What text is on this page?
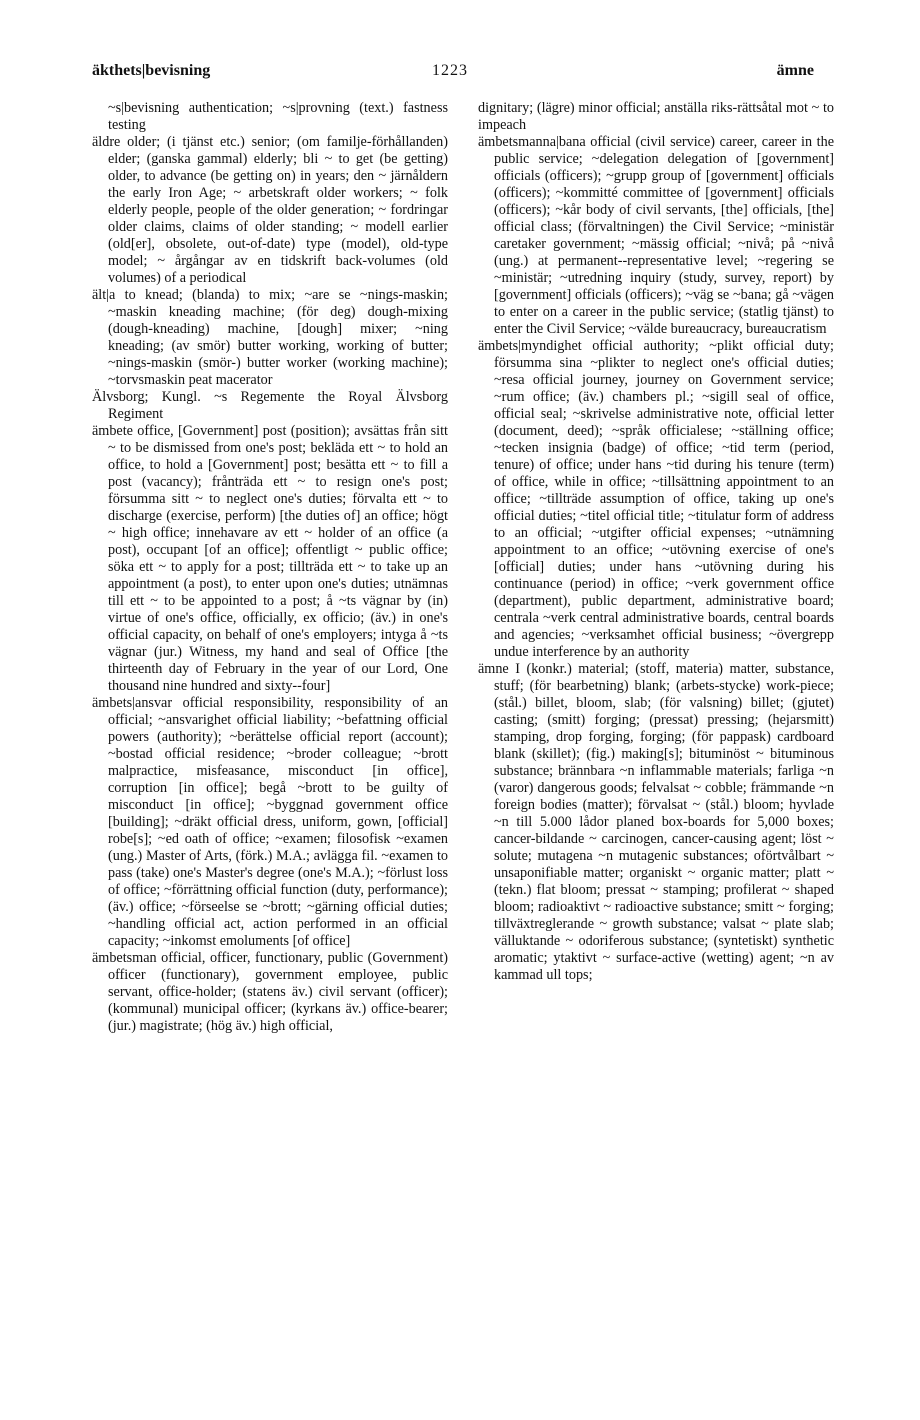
äkthets|bevisning	1223	ämne
~s|bevisning authentication; ~s|provning (text.) fastness testing
äldre older; (i tjänst etc.) senior; (om familje-förhållanden) elder; (ganska gammal) elderly; bli ~ to get (be getting) older, to advance (be getting on) in years; den ~ järnåldern the early Iron Age; ~ arbetskraft older workers; ~ folk elderly people, people of the older generation; ~ fordringar older claims, claims of older standing; ~ modell earlier (old[er], obsolete, out-of-date) type (model), old-type model; ~ årgångar av en tidskrift back-volumes (old volumes) of a periodical
ält|a to knead; (blanda) to mix; ~are se ~nings-maskin; ~maskin kneading machine; (för deg) dough-mixing (dough-kneading) machine, [dough] mixer; ~ning kneading; (av smör) butter working, working of butter; ~nings-maskin (smör-) butter worker (working machine); ~torvsmaskin peat macerator
Älvsborg; Kungl. ~s Regemente the Royal Älvsborg Regiment
ämbete office, [Government] post (position); avsättas från sitt ~ to be dismissed from one's post; bekläda ett ~ to hold an office, to hold a [Government] post; besätta ett ~ to fill a post (vacancy); frånträda ett ~ to resign one's post; försumma sitt ~ to neglect one's duties; förvalta ett ~ to discharge (exercise, perform) [the duties of] an office; högt ~ high office; innehavare av ett ~ holder of an office (a post), occupant [of an office]; offentligt ~ public office; söka ett ~ to apply for a post; tillträda ett ~ to take up an appointment (a post), to enter upon one's duties; utnämnas till ett ~ to be appointed to a post; å ~ts vägnar by (in) virtue of one's office, officially, ex officio; (äv.) in one's official capacity, on behalf of one's employers; intyga å ~ts vägnar (jur.) Witness, my hand and seal of Office [the thirteenth day of February in the year of our Lord, One thousand nine hundred and sixty--four]
ämbets|ansvar official responsibility, responsibility of an official; ~ansvarighet official liability; ~befattning official powers (authority); ~berättelse official report (account); ~bostad official residence; ~broder colleague; ~brott malpractice, misfeasance, misconduct [in office], corruption [in office]; begå ~brott to be guilty of misconduct [in office]; ~byggnad government office [building]; ~dräkt official dress, uniform, gown, [official] robe[s]; ~ed oath of office; ~examen; filosofisk ~examen (ung.) Master of Arts, (förk.) M.A.; avlägga fil. ~examen to pass (take) one's Master's degree (one's M.A.); ~förlust loss of office; ~förrättning official function (duty, performance); (äv.) office; ~förseelse se ~brott; ~gärning official duties; ~handling official act, action performed in an official capacity; ~inkomst emoluments [of office]
ämbetsman official, officer, functionary, public (Government) officer (functionary), government employee, public servant, office-holder; (statens äv.) civil servant (officer); (kommunal) municipal officer; (kyrkans äv.) office-bearer; (jur.) magistrate; (hög äv.) high official,
dignitary; (lägre) minor official; anställa riks-rättsåtal mot ~ to impeach
ämbetsmanna|bana official (civil service) career, career in the public service; ~delegation delegation of [government] officials (officers); ~grupp group of [government] officials (officers); ~kommitté committee of [government] officials (officers); ~kår body of civil servants, [the] officials, [the] official class; (förvaltningen) the Civil Service; ~ministär caretaker government; ~mässig official; ~nivå; på ~nivå (ung.) at permanent--representative level; ~regering se ~ministär; ~utredning inquiry (study, survey, report) by [government] officials (officers); ~väg se ~bana; gå ~vägen to enter on a career in the public service; (statlig tjänst) to enter the Civil Service; ~välde bureaucracy, bureaucratism
ämbets|myndighet official authority; ~plikt official duty; försumma sina ~plikter to neglect one's official duties; ~resa official journey, journey on Government service; ~rum office; (äv.) chambers pl.; ~sigill seal of office, official seal; ~skrivelse administrative note, official letter (document, deed); ~språk officialese; ~ställning office; ~tecken insignia (badge) of office; ~tid term (period, tenure) of office; under hans ~tid during his tenure (term) of office, while in office; ~tillsättning appointment to an office; ~tillträde assumption of office, taking up one's official duties; ~titel official title; ~titulatur form of address to an official; ~utgifter official expenses; ~utnämning appointment to an office; ~utövning exercise of one's [official] duties; under hans ~utövning during his continuance (period) in office; ~verk government office (department), public department, administrative board; centrala ~verk central administrative boards, central boards and agencies; ~verksamhet official business; ~övergrepp undue interference by an authority
ämne I (konkr.) material; (stoff, materia) matter, substance, stuff; (för bearbetning) blank; (arbets-stycke) work-piece; (stål.) billet, bloom, slab; (för valsning) billet; (gjutet) casting; (smitt) forging; (pressat) pressing; (hejarsmitt) stamping, drop forging, forging; (för pappask) cardboard blank (skillet); (fig.) making[s]; bituminöst ~ bituminous substance; brännbara ~n inflammable materials; farliga ~n (varor) dangerous goods; felvalsat ~ cobble; främmande ~n foreign bodies (matter); förvalsat ~ (stål.) bloom; hyvlade ~n till 5.000 lådor planed box-boards for 5,000 boxes; cancer-bildande ~ carcinogen, cancer-causing agent; löst ~ solute; mutagena ~n mutagenic substances; oförtvålbart ~ unsaponifiable matter; organiskt ~ organic matter; platt ~ (tekn.) flat bloom; pressat ~ stamping; profilerat ~ shaped bloom; radioaktivt ~ radioactive substance; smitt ~ forging; tillväxtreglerande ~ growth substance; valsat ~ plate slab; välluktande ~ odoriferous substance; (syntetiskt) synthetic aromatic; ytaktivt ~ surface-active (wetting) agent; ~n av kammad ull tops;
